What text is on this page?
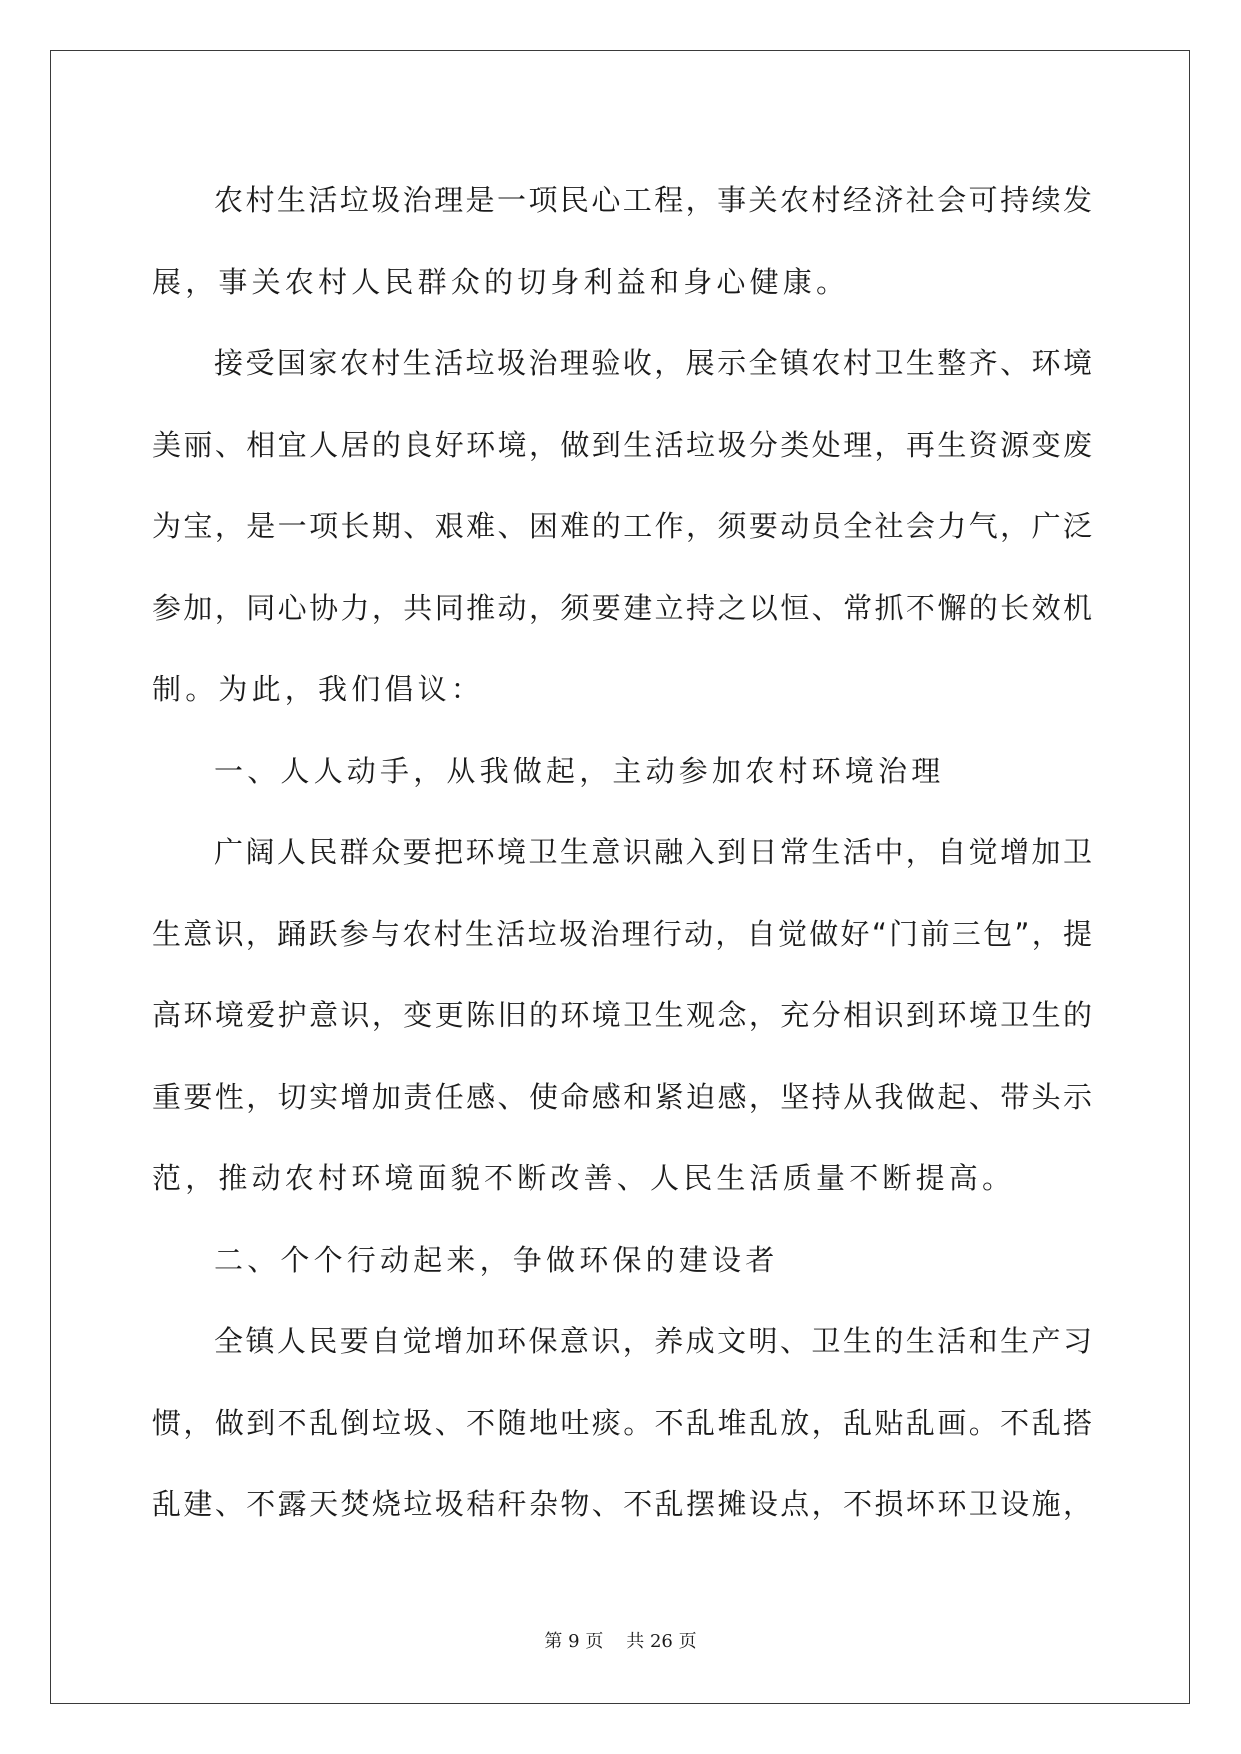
农村生活垃圾治理是一项民心工程，事关农村经济社会可持续发
展，事关农村人民群众的切身利益和身心健康。
接受国家农村生活垃圾治理验收，展示全镇农村卫生整齐、环境
美丽、相宜人居的良好环境，做到生活垃圾分类处理，再生资源变废
为宝，是一项长期、艰难、困难的工作，须要动员全社会力气，广泛
参加，同心协力，共同推动，须要建立持之以恒、常抓不懈的长效机
制。为此，我们倡议：
一、人人动手，从我做起，主动参加农村环境治理
广阔人民群众要把环境卫生意识融入到日常生活中，自觉增加卫
生意识，踊跃参与农村生活垃圾治理行动，自觉做好“门前三包”，提
高环境爱护意识，变更陈旧的环境卫生观念，充分相识到环境卫生的
重要性，切实增加责任感、使命感和紧迫感，坚持从我做起、带头示
范，推动农村环境面貌不断改善、人民生活质量不断提高。
二、个个行动起来，争做环保的建设者
全镇人民要自觉增加环保意识，养成文明、卫生的生活和生产习
惯，做到不乱倒垃圾、不随地吐痰。不乱堆乱放，乱贴乱画。不乱搭
乱建、不露天焚烧垃圾秸秆杂物、不乱摆摊设点，不损坏环卫设施，
第 9 页 共 26 页
